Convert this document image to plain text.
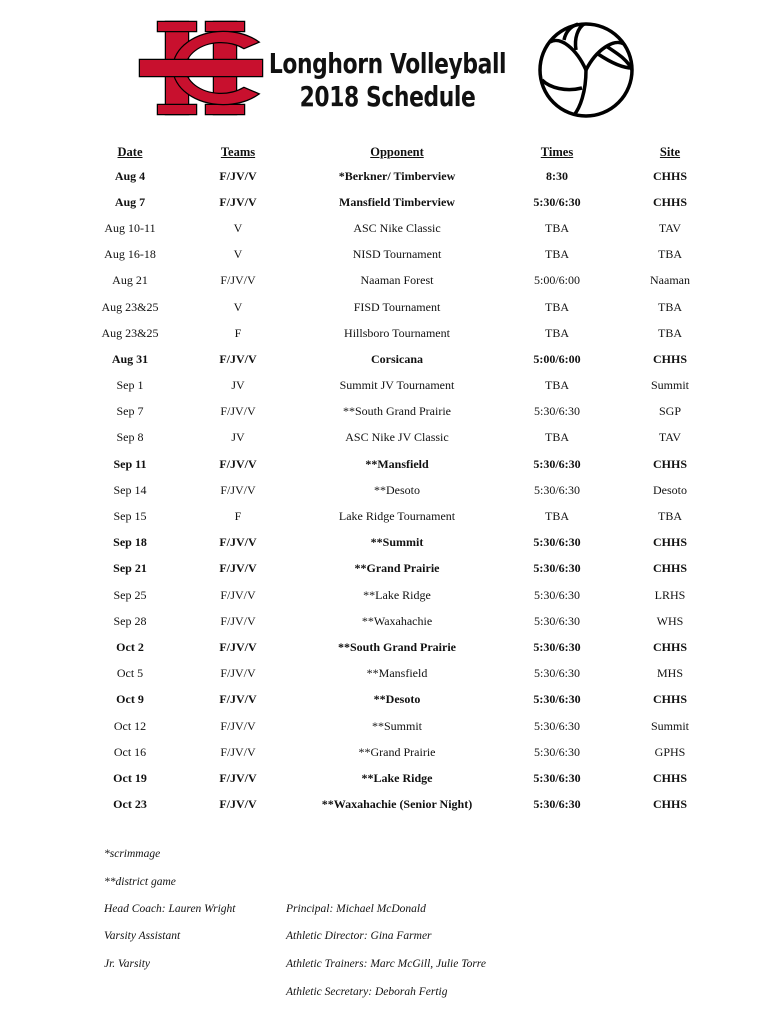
Longhorn Volleyball
2018 Schedule
Date	Teams	Opponent	Times	Site
Aug 4	F/JV/V	*Berkner/ Timberview	8:30	CHHS
Aug 7	F/JV/V	Mansfield Timberview	5:30/6:30	CHHS
Aug 10-11	V	ASC Nike Classic	TBA	TAV
Aug 16-18	V	NISD Tournament	TBA	TBA
Aug 21	F/JV/V	Naaman Forest	5:00/6:00	Naaman
Aug 23&25	V	FISD Tournament	TBA	TBA
Aug 23&25	F	Hillsboro Tournament	TBA	TBA
Aug 31	F/JV/V	Corsicana	5:00/6:00	CHHS
Sep 1	JV	Summit JV Tournament	TBA	Summit
Sep 7	F/JV/V	**South Grand Prairie	5:30/6:30	SGP
Sep 8	JV	ASC Nike JV Classic	TBA	TAV
Sep 11	F/JV/V	**Mansfield	5:30/6:30	CHHS
Sep 14	F/JV/V	**Desoto	5:30/6:30	Desoto
Sep 15	F	Lake Ridge Tournament	TBA	TBA
Sep 18	F/JV/V	**Summit	5:30/6:30	CHHS
Sep 21	F/JV/V	**Grand Prairie	5:30/6:30	CHHS
Sep 25	F/JV/V	**Lake Ridge	5:30/6:30	LRHS
Sep 28	F/JV/V	**Waxahachie	5:30/6:30	WHS
Oct 2	F/JV/V	**South Grand Prairie	5:30/6:30	CHHS
Oct 5	F/JV/V	**Mansfield	5:30/6:30	MHS
Oct 9	F/JV/V	**Desoto	5:30/6:30	CHHS
Oct 12	F/JV/V	**Summit	5:30/6:30	Summit
Oct 16	F/JV/V	**Grand Prairie	5:30/6:30	GPHS
Oct 19	F/JV/V	**Lake Ridge	5:30/6:30	CHHS
Oct 23	F/JV/V	**Waxahachie (Senior Night)	5:30/6:30	CHHS
*scrimmage
**district game
Head Coach: Lauren Wright
Varsity Assistant
Jr. Varsity
Principal: Michael McDonald
Athletic Director: Gina Farmer
Athletic Trainers: Marc McGill, Julie Torre
Athletic Secretary: Deborah Fertig
